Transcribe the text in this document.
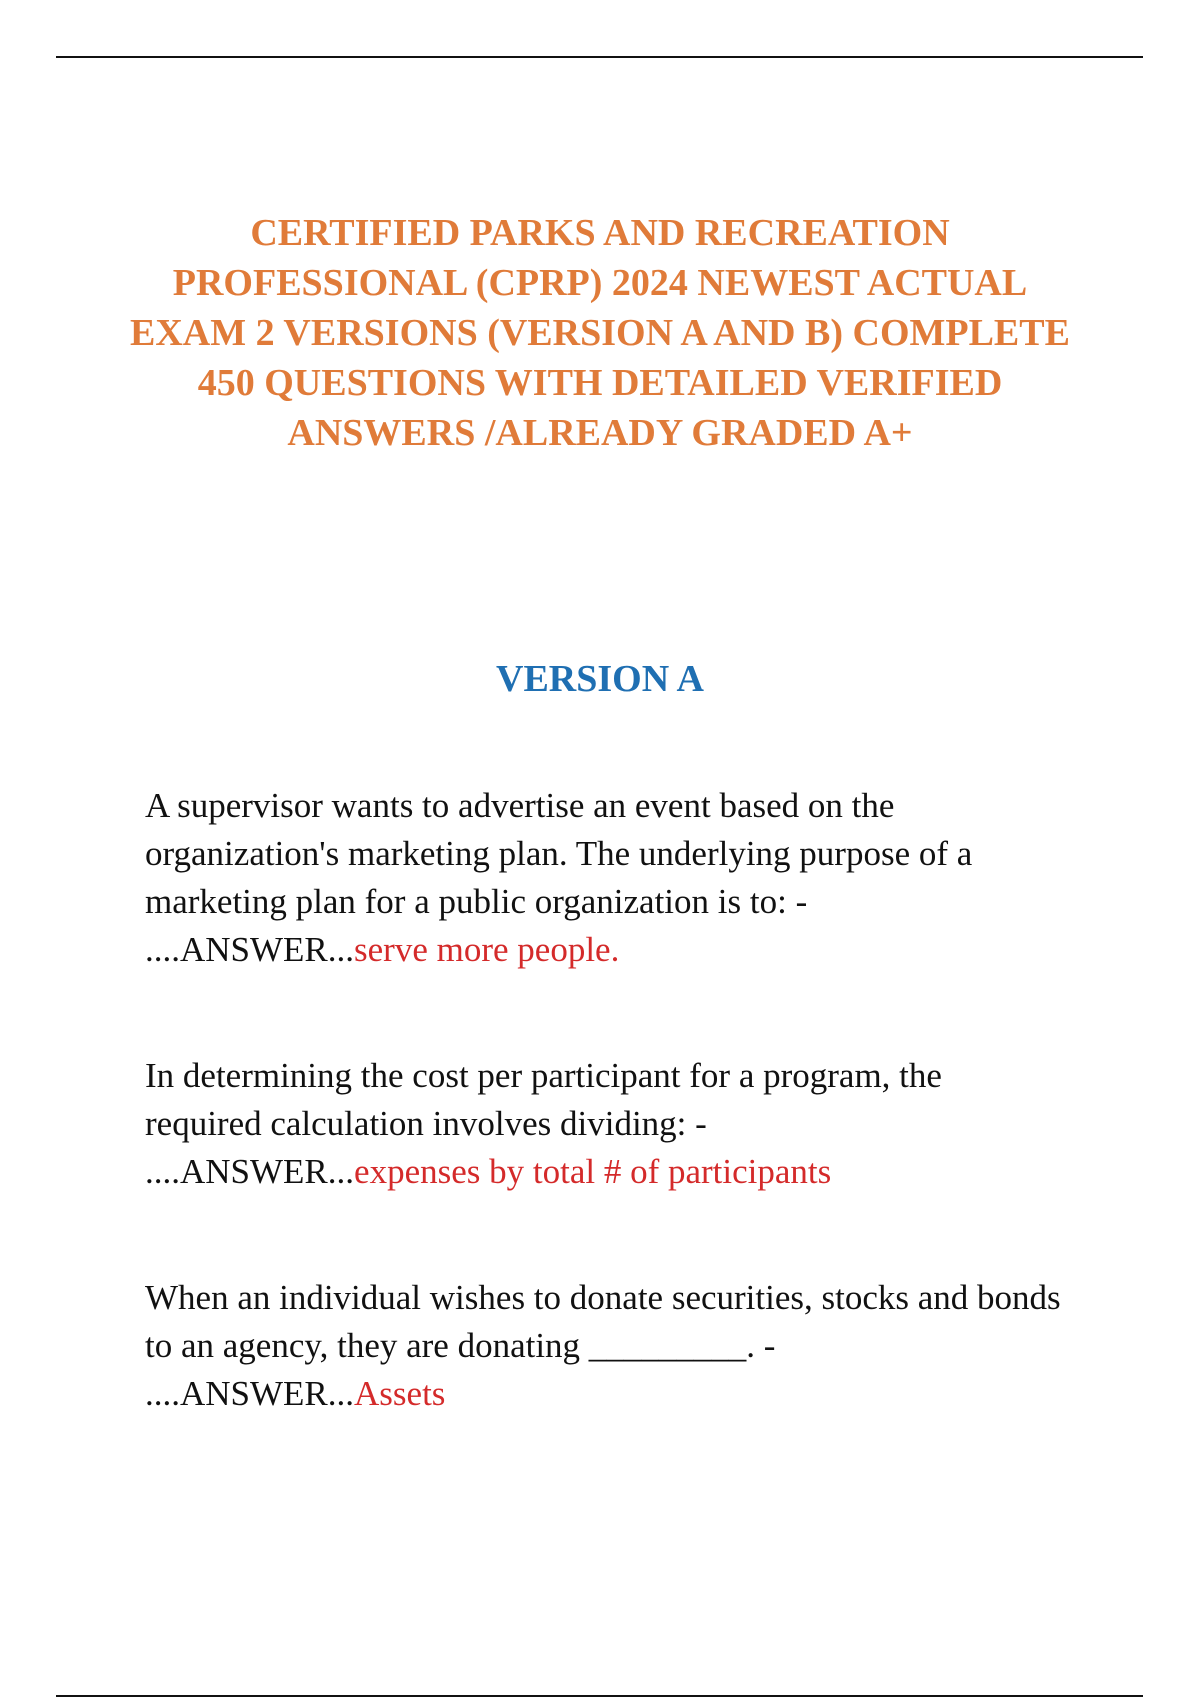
CERTIFIED PARKS AND RECREATION PROFESSIONAL (CPRP) 2024 NEWEST ACTUAL EXAM 2 VERSIONS (VERSION A AND B) COMPLETE 450 QUESTIONS WITH DETAILED VERIFIED ANSWERS /ALREADY GRADED A+
VERSION A

A supervisor wants to advertise an event based on the organization's marketing plan. The underlying purpose of a marketing plan for a public organization is to: -
....ANSWER...serve more people.

In determining the cost per participant for a program, the required calculation involves dividing: -
....ANSWER...expenses by total # of participants

When an individual wishes to donate securities, stocks and bonds to an agency, they are donating _________. -
....ANSWER...Assets
